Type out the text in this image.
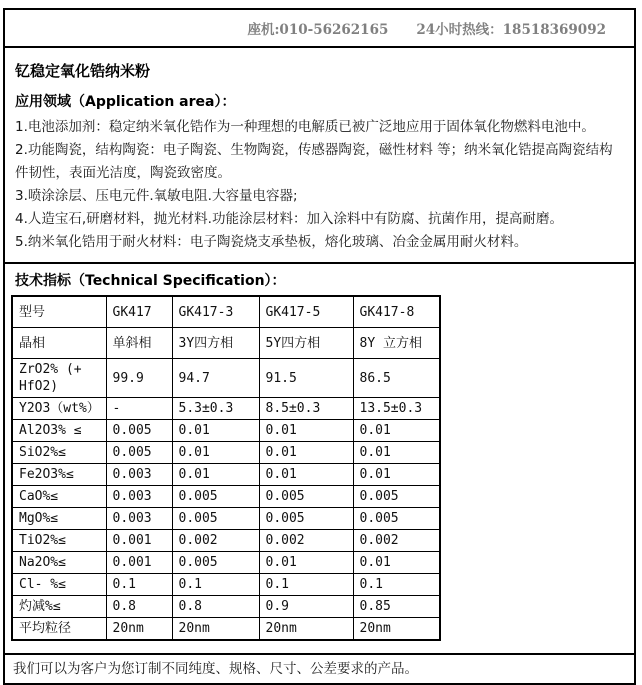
座机:010-56262165 24小时热线：18518369092
钇稳定氧化锆纳米粉
应用领域（Application area）：

1.电池添加剂：稳定纳米氧化锆作为一种理想的电解质已被广泛地应用于固体氧化物燃料电池中。

2.功能陶瓷，结构陶瓷：电子陶瓷、生物陶瓷，传感器陶瓷，磁性材料 等；纳米氧化锆提高陶瓷结构件韧性，表面光洁度，陶瓷致密度。

3.喷涂涂层、压电元件.氧敏电阻.大容量电容器;

4.人造宝石,研磨材料，抛光材料.功能涂层材料：加入涂料中有防腐、抗菌作用，提高耐磨。

5.纳米氧化锆用于耐火材料：电子陶瓷烧支承垫板，熔化玻璃、冶金金属用耐火材料。

技术指标（Technical Specification）：
型号	GK417	GK417-3	GK417-5	GK417-8
晶相	单斜相	3Y四方相	5Y四方相	8Y 立方相
ZrO2% (+ HfO2)	99.9	94.7	91.5	86.5
Y2O3（wt%）	-	5.3±0.3	8.5±0.3	13.5±0.3
Al2O3% ≤	0.005	0.01	0.01	0.01
SiO2%≤	0.005	0.01	0.01	0.01
Fe2O3%≤	0.003	0.01	0.01	0.01
CaO%≤	0.003	0.005	0.005	0.005
MgO%≤	0.003	0.005	0.005	0.005
TiO2%≤	0.001	0.002	0.002	0.002
Na2O%≤	0.001	0.005	0.01	0.01
Cl- %≤	0.1	0.1	0.1	0.1
灼减%≤	0.8	0.8	0.9	0.85
平均粒径	20nm	20nm	20nm	20nm
我们可以为客户为您订制不同纯度、规格、尺寸、公差要求的产品。
